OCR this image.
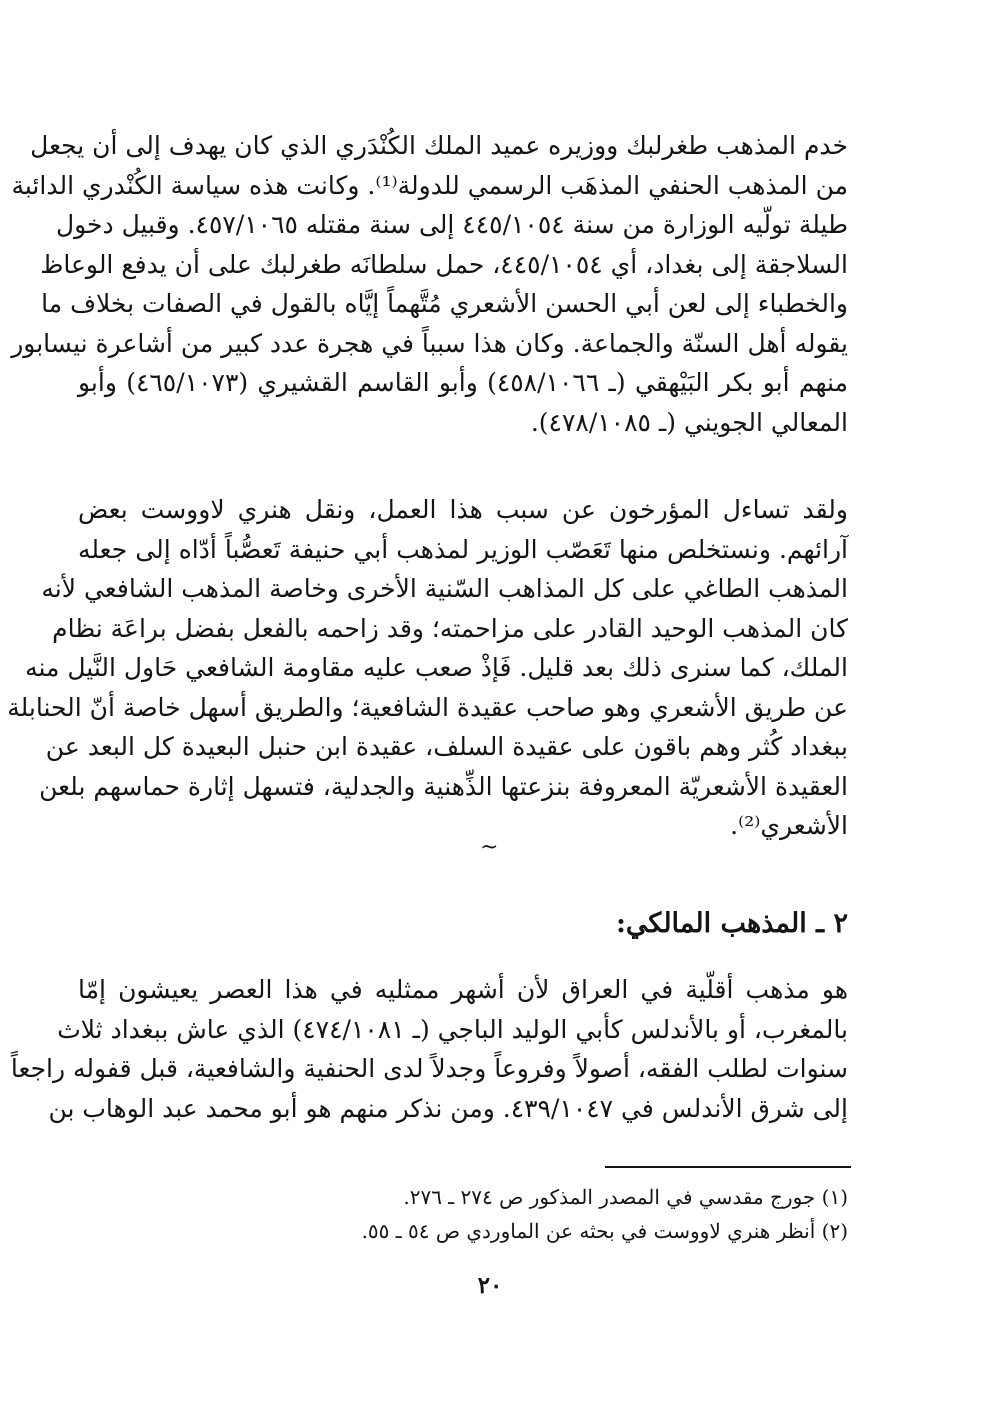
خدم المذهب طغرلبك ووزيره عميد الملك الكُنْدَري الذي كان يهدف إلى أن يجعل
من المذهب الحنفي المذهَب الرسمي للدولة⁽¹⁾. وكانت هذه سياسة الكُنْدري الدائبة
طيلة تولّيه الوزارة من سنة ٤٤٥/١٠٥٤ إلى سنة مقتله ٤٥٧/١٠٦٥. وقبيل دخول
السلاجقة إلى بغداد، أي ٤٤٥/١٠٥٤، حمل سلطانَه طغرلبك على أن يدفع الوعاظ
والخطباء إلى لعن أبي الحسن الأشعري مُتَّهماً إيَّاه بالقول في الصفات بخلاف ما
يقوله أهل السنّة والجماعة. وكان هذا سبباً في هجرة عدد كبير من أشاعرة نيسابور
منهم أبو بكر البَيْهقي (ـ ٤٥٨/١٠٦٦) وأبو القاسم القشيري (٤٦٥/١٠٧٣) وأبو
المعالي الجويني (ـ ٤٧٨/١٠٨٥).
ولقد تساءل المؤرخون عن سبب هذا العمل، ونقل هنري لاووست بعض
آرائهم. ونستخلص منها تَعَصّب الوزير لمذهب أبي حنيفة تَعصُّباً أدّاه إلى جعله
المذهب الطاغي على كل المذاهب السّنية الأخرى وخاصة المذهب الشافعي لأنه
كان المذهب الوحيد القادر على مزاحمته؛ وقد زاحمه بالفعل بفضل براعَة نظام
الملك، كما سنرى ذلك بعد قليل. فَإذْ صعب عليه مقاومة الشافعي حَاول النَّيل منه
عن طريق الأشعري وهو صاحب عقيدة الشافعية؛ والطريق أسهل خاصة أنّ الحنابلة
ببغداد كُثر وهم باقون على عقيدة السلف، عقيدة ابن حنبل البعيدة كل البعد عن
العقيدة الأشعريّة المعروفة بنزعتها الذِّهنية والجدلية، فتسهل إثارة حماسهم بلعن
الأشعري⁽²⁾.
~
٢ ـ المذهب المالكي:
هو مذهب أقلّية في العراق لأن أشهر ممثليه في هذا العصر يعيشون إمّا
بالمغرب، أو بالأندلس كأبي الوليد الباجي (ـ ٤٧٤/١٠٨١) الذي عاش ببغداد ثلاث
سنوات لطلب الفقه، أصولاً وفروعاً وجدلاً لدى الحنفية والشافعية، قبل قفوله راجعاً
إلى شرق الأندلس في ٤٣٩/١٠٤٧. ومن نذكر منهم هو أبو محمد عبد الوهاب بن
(١) جورج مقدسي في المصدر المذكور ص ٢٧٤ ـ ٢٧٦.
(٢) أنظر هنري لاووست في بحثه عن الماوردي ص ٥٤ ـ ٥٥.
٢٠
